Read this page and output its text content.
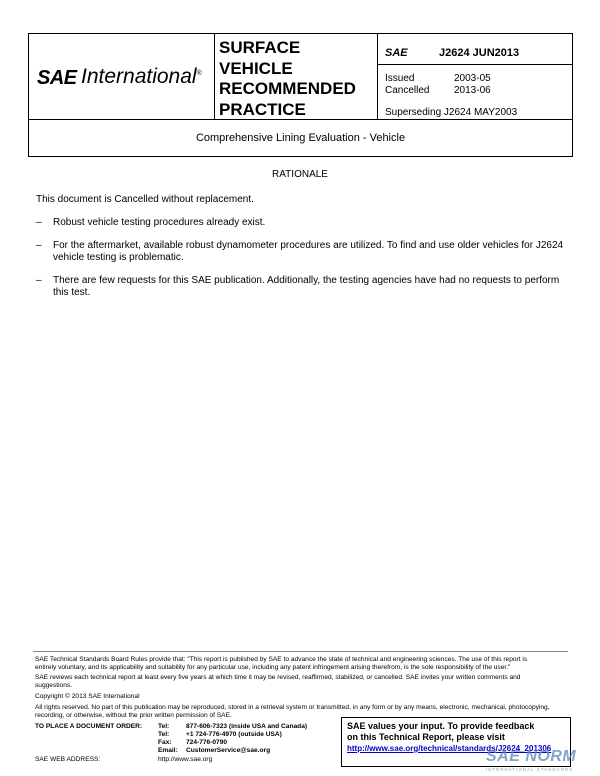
SAE International®
SURFACE
VEHICLE
RECOMMENDED
PRACTICE
SAE	J2624 JUN2013
Issued	2003-05
Cancelled 2013-06
Superseding J2624 MAY2003
Comprehensive Lining Evaluation - Vehicle
RATIONALE
This document is Cancelled without replacement.
– Robust vehicle testing procedures already exist.
– For the aftermarket, available robust dynamometer procedures are utilized. To find and use older vehicles for J2624
vehicle testing is problematic.
– There are few requests for this SAE publication. Additionally, the testing agencies have had no requests to perform
this test.
SAE Technical Standards Board Rules provide that: "This report is published by SAE to advance the state of technical and engineering sciences. The use of this report is
entirely voluntary, and its applicability and suitability for any particular use, including any patent infringement arising therefrom, is the sole responsibility of the user."
SAE reviews each technical report at least every five years at which time it may be revised, reaffirmed, stabilized, or cancelled. SAE invites your written comments and
suggestions.
Copyright © 2013 SAE International
All rights reserved. No part of this publication may be reproduced, stored in a retrieval system or transmitted, in any form or by any means, electronic, mechanical, photocopying,
recording, or otherwise, without the prior written permission of SAE.
TO PLACE A DOCUMENT ORDER: Tel:	877-606-7323 (inside USA and Canada)
Tel:	+1 724-776-4970 (outside USA)
Fax: 724-776-0790
Email: CustomerService@sae.org
SAE WEB ADDRESS:	http://www.sae.org
SAE values your input. To provide feedback
on this Technical Report, please visit
http://www.sae.org/technical/standards/J2624_201306
SAE NORM
INTERNATIONAL STANDARDS
